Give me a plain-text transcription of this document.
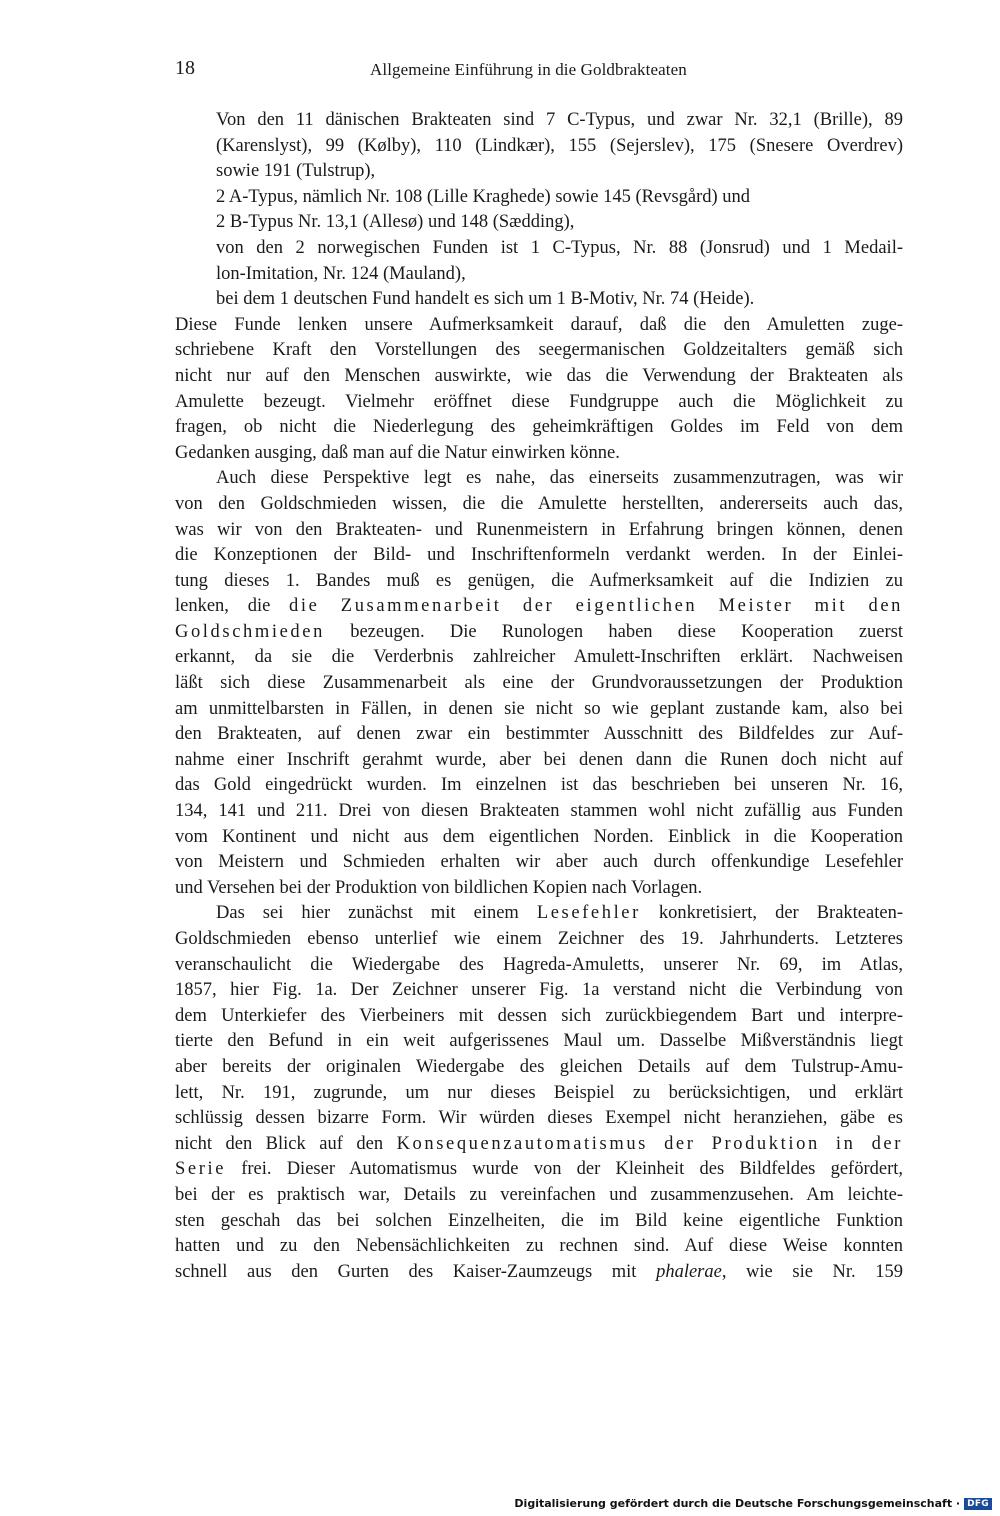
18	Allgemeine Einführung in die Goldbrakteaten
Von den 11 dänischen Brakteaten sind 7 C-Typus, und zwar Nr. 32,1 (Brille), 89
(Karenslyst), 99 (Kølby), 110 (Lindkær), 155 (Sejerslev), 175 (Snesere Overdrev)
sowie 191 (Tulstrup),
2 A-Typus, nämlich Nr. 108 (Lille Kraghede) sowie 145 (Revsgård) und
2 B-Typus Nr. 13,1 (Allesø) und 148 (Sædding),
von den 2 norwegischen Funden ist 1 C-Typus, Nr. 88 (Jonsrud) und 1 Medail-
lon-Imitation, Nr. 124 (Mauland),
bei dem 1 deutschen Fund handelt es sich um 1 B-Motiv, Nr. 74 (Heide).
Diese Funde lenken unsere Aufmerksamkeit darauf, daß die den Amuletten zuge-
schriebene Kraft den Vorstellungen des seegermanischen Goldzeitalters gemäß sich
nicht nur auf den Menschen auswirkte, wie das die Verwendung der Brakteaten als
Amulette bezeugt. Vielmehr eröffnet diese Fundgruppe auch die Möglichkeit zu
fragen, ob nicht die Niederlegung des geheimkräftigen Goldes im Feld von dem
Gedanken ausging, daß man auf die Natur einwirken könne.
Auch diese Perspektive legt es nahe, das einerseits zusammenzutragen, was wir
von den Goldschmieden wissen, die die Amulette herstellten, andererseits auch das,
was wir von den Brakteaten- und Runenmeistern in Erfahrung bringen können, denen
die Konzeptionen der Bild- und Inschriftenformeln verdankt werden. In der Einlei-
tung dieses 1. Bandes muß es genügen, die Aufmerksamkeit auf die Indizien zu
lenken, die die Zusammenarbeit der eigentlichen Meister mit den
Goldschmieden bezeugen. Die Runologen haben diese Kooperation zuerst
erkannt, da sie die Verderbnis zahlreicher Amulett-Inschriften erklärt. Nachweisen
läßt sich diese Zusammenarbeit als eine der Grundvoraussetzungen der Produktion
am unmittelbarsten in Fällen, in denen sie nicht so wie geplant zustande kam, also bei
den Brakteaten, auf denen zwar ein bestimmter Ausschnitt des Bildfeldes zur Auf-
nahme einer Inschrift gerahmt wurde, aber bei denen dann die Runen doch nicht auf
das Gold eingedrückt wurden. Im einzelnen ist das beschrieben bei unseren Nr. 16,
134, 141 und 211. Drei von diesen Brakteaten stammen wohl nicht zufällig aus Funden
vom Kontinent und nicht aus dem eigentlichen Norden. Einblick in die Kooperation
von Meistern und Schmieden erhalten wir aber auch durch offenkundige Lesefehler
und Versehen bei der Produktion von bildlichen Kopien nach Vorlagen.
Das sei hier zunächst mit einem Lesefehler konkretisiert, der Brakteaten-
Goldschmieden ebenso unterlief wie einem Zeichner des 19. Jahrhunderts. Letzteres
veranschaulicht die Wiedergabe des Hagreda-Amuletts, unserer Nr. 69, im Atlas,
1857, hier Fig. 1a. Der Zeichner unserer Fig. 1a verstand nicht die Verbindung von
dem Unterkiefer des Vierbeiners mit dessen sich zurückbiegendem Bart und interpre-
tierte den Befund in ein weit aufgerissenes Maul um. Dasselbe Mißverständnis liegt
aber bereits der originalen Wiedergabe des gleichen Details auf dem Tulstrup-Amu-
lett, Nr. 191, zugrunde, um nur dieses Beispiel zu berücksichtigen, und erklärt
schlüssig dessen bizarre Form. Wir würden dieses Exempel nicht heranziehen, gäbe es
nicht den Blick auf den Konsequenzautomatismus der Produktion in der
Serie frei. Dieser Automatismus wurde von der Kleinheit des Bildfeldes gefördert,
bei der es praktisch war, Details zu vereinfachen und zusammenzusehen. Am leichte-
sten geschah das bei solchen Einzelheiten, die im Bild keine eigentliche Funktion
hatten und zu den Nebensächlichkeiten zu rechnen sind. Auf diese Weise konnten
schnell aus den Gurten des Kaiser-Zaumzeugs mit phalerae, wie sie Nr. 159
Digitalisierung gefördert durch die Deutsche Forschungsgemeinschaft · DFG
